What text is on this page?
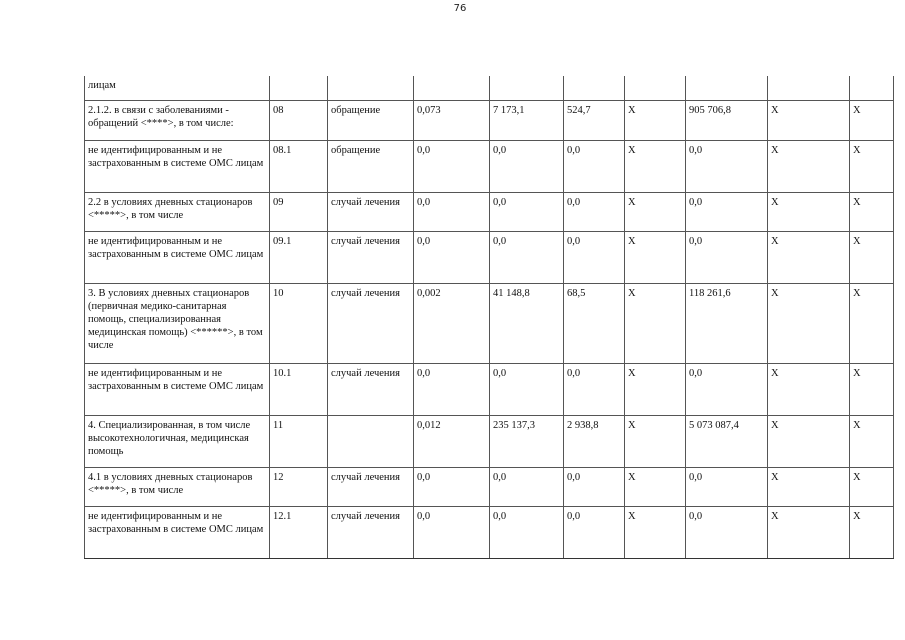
76
лицам									
2.1.2. в связи с заболеваниями - обращений <****>, в том числе:	08	обращение	0,073	7 173,1	524,7	X	905 706,8	X	X
не идентифицированным и не застрахованным в системе ОМС лицам	08.1	обращение	0,0	0,0	0,0	X	0,0	X	X
2.2 в условиях дневных стационаров <*****>, в том числе	09	случай лечения	0,0	0,0	0,0	X	0,0	X	X
не идентифицированным и не застрахованным в системе ОМС лицам	09.1	случай лечения	0,0	0,0	0,0	X	0,0	X	X
3. В условиях дневных стационаров (первичная медико-санитарная помощь, специализированная медицинская помощь) <******>, в том числе	10	случай лечения	0,002	41 148,8	68,5	X	118 261,6	X	X
не идентифицированным и не застрахованным в системе ОМС лицам	10.1	случай лечения	0,0	0,0	0,0	X	0,0	X	X
4. Специализированная, в том числе высокотехнологичная, медицинская помощь	11		0,012	235 137,3	2 938,8	X	5 073 087,4	X	X
4.1 в условиях дневных стационаров <*****>, в том числе	12	случай лечения	0,0	0,0	0,0	X	0,0	X	X
не идентифицированным и не застрахованным в системе ОМС лицам	12.1	случай лечения	0,0	0,0	0,0	X	0,0	X	X
